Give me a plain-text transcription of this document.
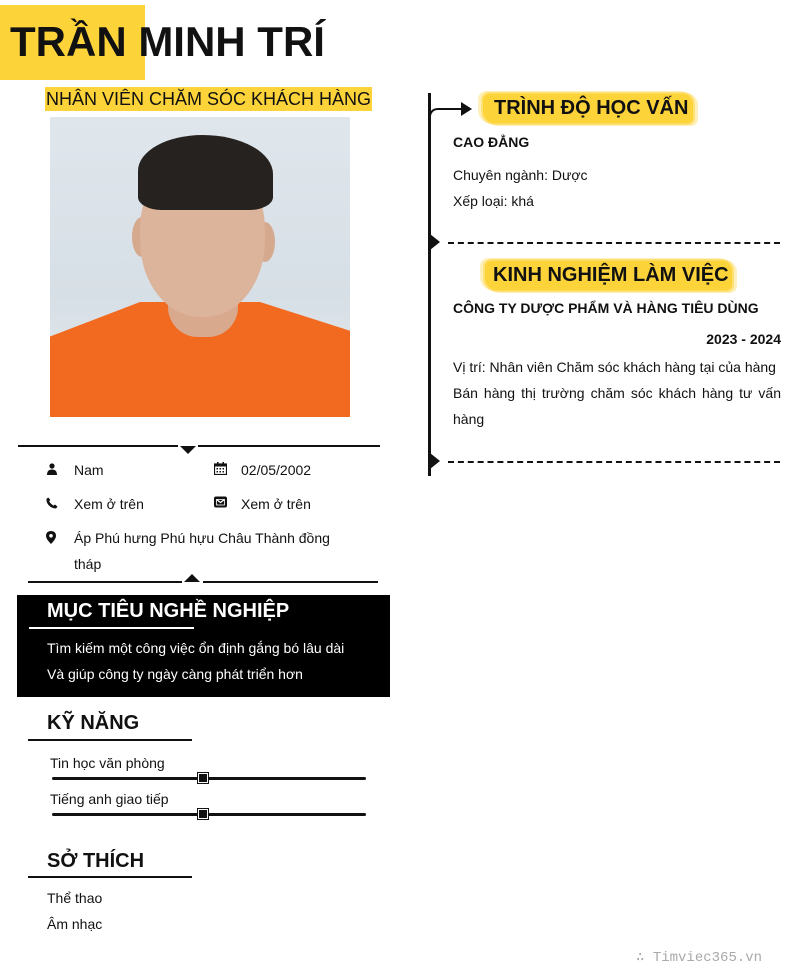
TRẦN MINH TRÍ
NHÂN VIÊN CHĂM SÓC KHÁCH HÀNG
Nam	02/05/2002
Xem ở trên	Xem ở trên
Áp Phú hưng Phú hựu Châu Thành đồng
tháp
MỤC TIÊU NGHỀ NGHIỆP
Tìm kiếm một công việc ổn định gắng bó lâu dài
Và giúp công ty ngày càng phát triển hơn
KỸ NĂNG
Tin học văn phòng
Tiếng anh giao tiếp
SỞ THÍCH
Thể thao
Âm nhạc
TRÌNH ĐỘ HỌC VẤN
CAO ĐẲNG
Chuyên ngành: Dược
Xếp loại: khá
KINH NGHIỆM LÀM VIỆC
CÔNG TY DƯỢC PHẨM VÀ HÀNG TIÊU DÙNG
2023 - 2024
Vị trí: Nhân viên Chăm sóc khách hàng tại của hàng
Bán hàng thị trường chăm sóc khách hàng tư vấn
hàng
∴ Timviec365.vn
